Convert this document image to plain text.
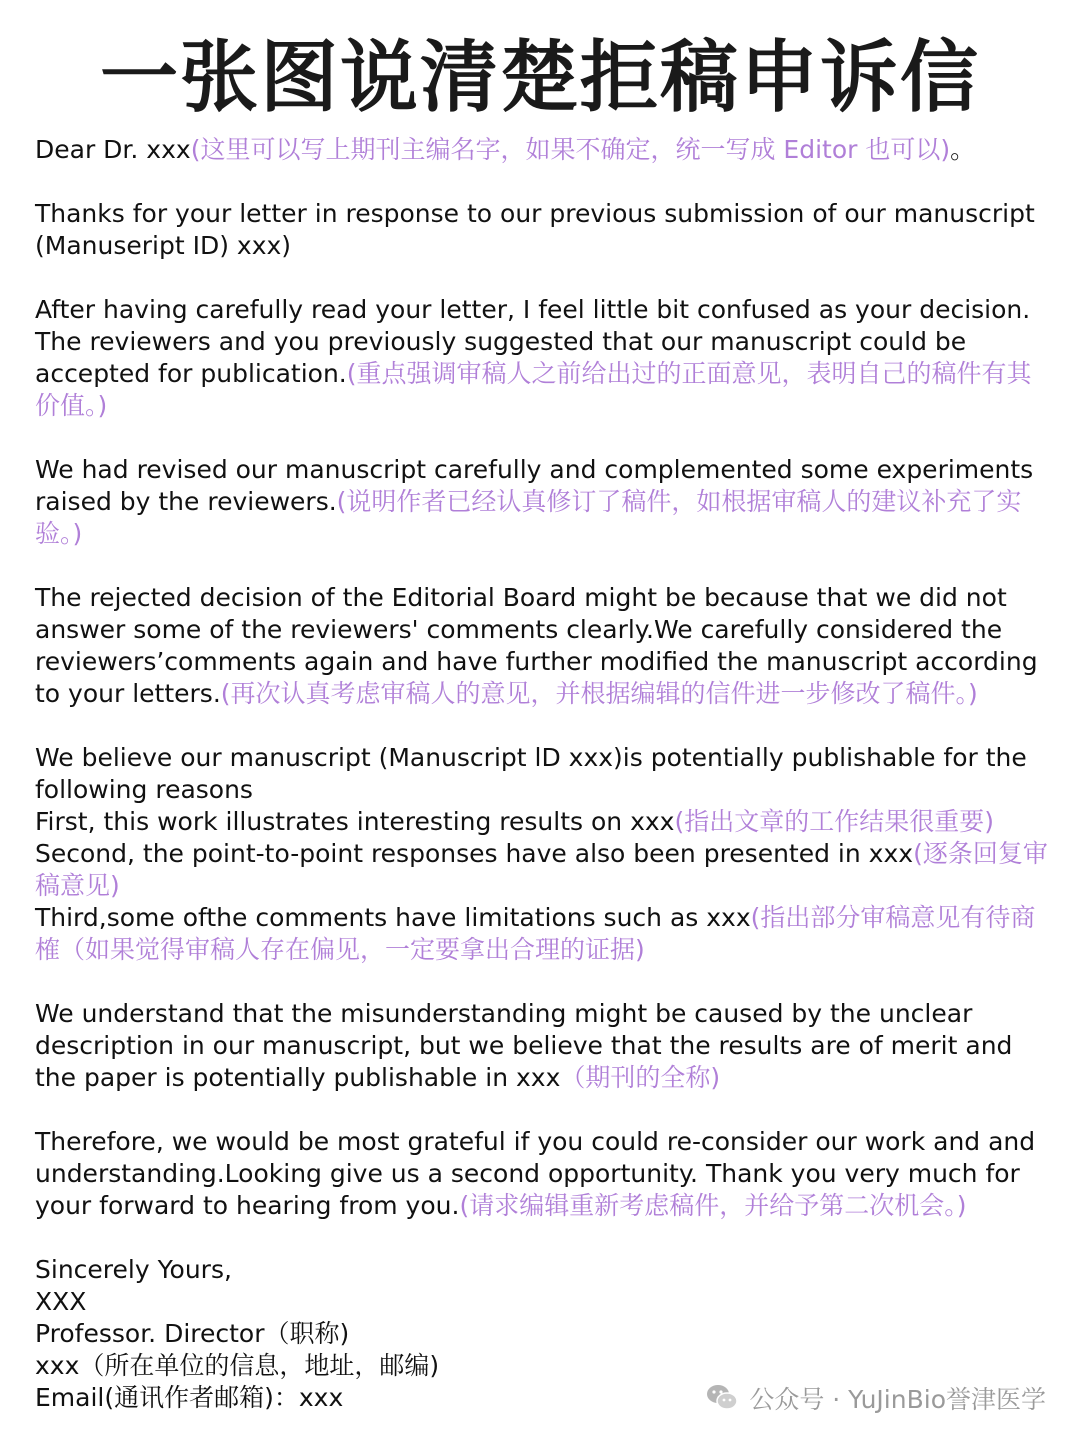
一张图说清楚拒稿申诉信

Dear Dr. xxx(这里可以写上期刊主编名字，如果不确定，统一写成 Editor 也可以)。

Thanks for your letter in response to our previous submission of our manuscript (Manuseript ID) xxx)

After having carefully read your letter, I feel little bit confused as your decision. The reviewers and you previously suggested that our manuscript could be accepted for publication.(重点强调审稿人之前给出过的正面意见，表明自己的稿件有其价值。)

We had revised our manuscript carefully and complemented some experiments raised by the reviewers.(说明作者已经认真修订了稿件，如根据审稿人的建议补充了实验。)

The rejected decision of the Editorial Board might be because that we did not answer some of the reviewers' comments clearly.We carefully considered the reviewers’comments again and have further modified the manuscript according to your letters.(再次认真考虑审稿人的意见，并根据编辑的信件进一步修改了稿件。)

We believe our manuscript (Manuscript lD xxx)is potentially publishable for the following reasons
First, this work illustrates interesting results on xxx(指出文章的工作结果很重要)
Second, the point-to-point responses have also been presented in xxx(逐条回复审稿意见)
Third,some ofthe comments have limitations such as xxx(指出部分审稿意见有待商榷（如果觉得审稿人存在偏见，一定要拿出合理的证据)

We understand that the misunderstanding might be caused by the unclear description in our manuscript, but we believe that the results are of merit and the paper is potentially publishable in xxx（期刊的全称)

Therefore, we would be most grateful if you could re-consider our work and and understanding.Looking give us a second opportunity. Thank you very much for your forward to hearing from you.(请求编辑重新考虑稿件，并给予第二次机会。)

Sincerely Yours,
XXX
Professor. Director（职称)
xxx（所在单位的信息，地址，邮编)
Email(通讯作者邮箱)：xxx	公众号 · YuJinBio誉津医学
